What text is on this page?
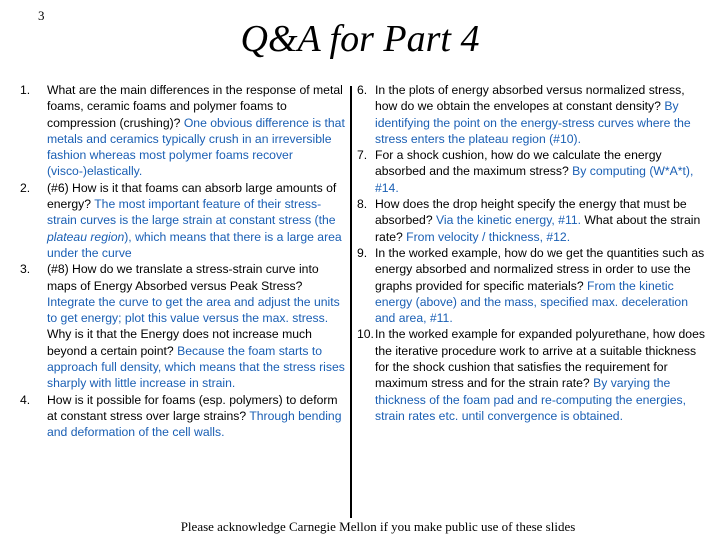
3
Q&A for Part 4
1. What are the main differences in the response of metal foams, ceramic foams and polymer foams to compression (crushing)? One obvious difference is that metals and ceramics typically crush in an irreversible fashion whereas most polymer foams recover (visco-)elastically.
2. (#6) How is it that foams can absorb large amounts of energy? The most important feature of their stress-strain curves is the large strain at constant stress (the plateau region), which means that there is a large area under the curve
3. (#8) How do we translate a stress-strain curve into maps of Energy Absorbed versus Peak Stress? Integrate the curve to get the area and adjust the units to get energy; plot this value versus the max. stress. Why is it that the Energy does not increase much beyond a certain point? Because the foam starts to approach full density, which means that the stress rises sharply with little increase in strain.
4. How is it possible for foams (esp. polymers) to deform at constant stress over large strains? Through bending and deformation of the cell walls.
6. In the plots of energy absorbed versus normalized stress, how do we obtain the envelopes at constant density? By identifying the point on the energy-stress curves where the stress enters the plateau region (#10).
7. For a shock cushion, how do we calculate the energy absorbed and the maximum stress? By computing (W*A*t), #14.
8. How does the drop height specify the energy that must be absorbed? Via the kinetic energy, #11. What about the strain rate? From velocity / thickness, #12.
9. In the worked example, how do we get the quantities such as energy absorbed and normalized stress in order to use the graphs provided for specific materials? From the kinetic energy (above) and the mass, specified max. deceleration and area, #11.
10. In the worked example for expanded polyurethane, how does the iterative procedure work to arrive at a suitable thickness for the shock cushion that satisfies the requirement for maximum stress and for the strain rate? By varying the thickness of the foam pad and re-computing the energies, strain rates etc. until convergence is obtained.
Please acknowledge Carnegie Mellon if you make public use of these slides
